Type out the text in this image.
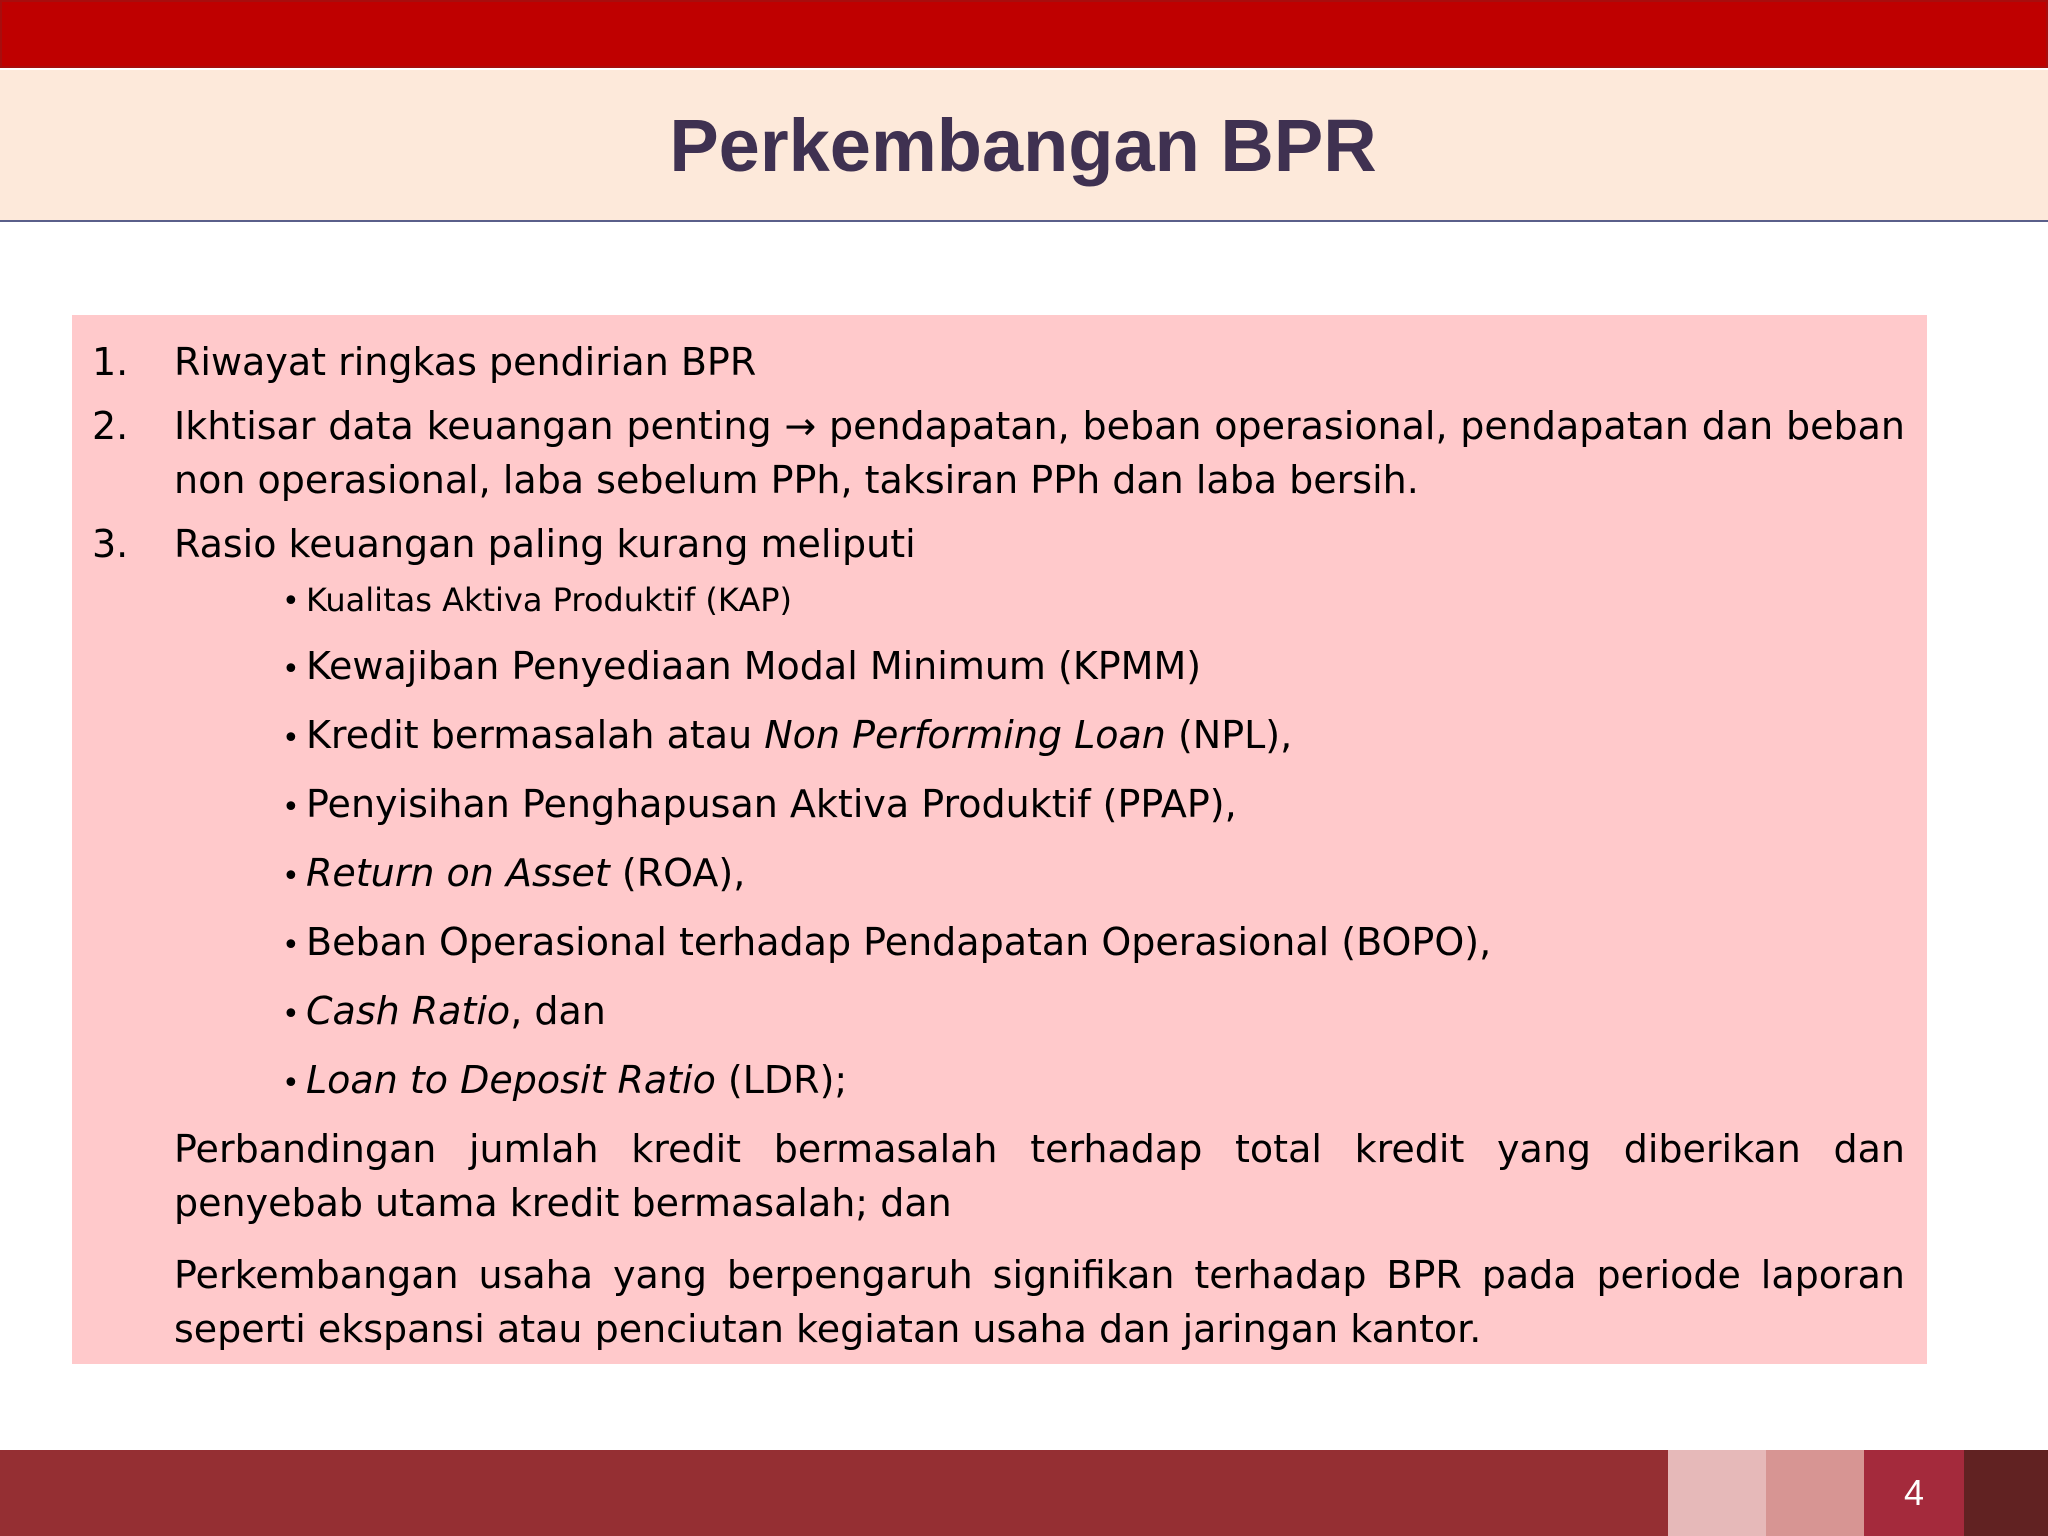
Perkembangan BPR
1.	Riwayat ringkas pendirian BPR
2.	Ikhtisar data keuangan penting → pendapatan, beban operasional, pendapatan dan beban non operasional, laba sebelum PPh, taksiran PPh dan laba bersih.
3.	Rasio keuangan paling kurang meliputi
• Kualitas Aktiva Produktif (KAP)
• Kewajiban Penyediaan Modal Minimum (KPMM)
• Kredit bermasalah atau Non Performing Loan (NPL),
• Penyisihan Penghapusan Aktiva Produktif (PPAP),
• Return on Asset (ROA),
• Beban Operasional terhadap Pendapatan Operasional (BOPO),
• Cash Ratio, dan
• Loan to Deposit Ratio (LDR);
Perbandingan jumlah kredit bermasalah terhadap total kredit yang diberikan dan penyebab utama kredit bermasalah; dan
Perkembangan usaha yang berpengaruh signifikan terhadap BPR pada periode laporan seperti ekspansi atau penciutan kegiatan usaha dan jaringan kantor.
4
